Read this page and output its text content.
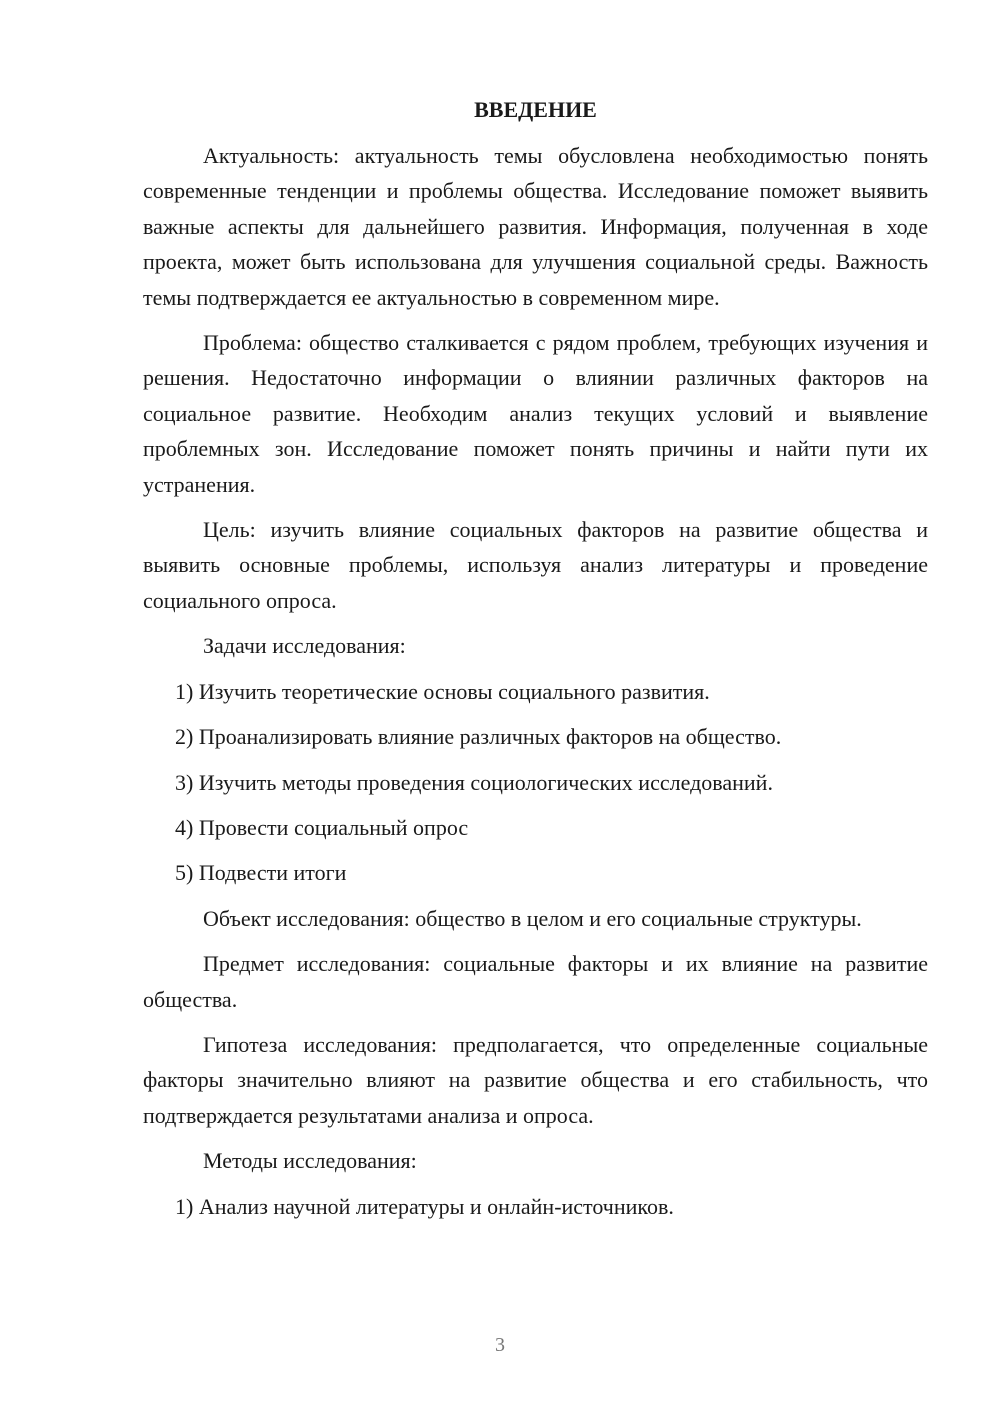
ВВЕДЕНИЕ

Актуальность: актуальность темы обусловлена необходимостью понять современные тенденции и проблемы общества. Исследование поможет выявить важные аспекты для дальнейшего развития. Информация, полученная в ходе проекта, может быть использована для улучшения социальной среды. Важность темы подтверждается ее актуальностью в современном мире.

Проблема: общество сталкивается с рядом проблем, требующих изучения и решения. Недостаточно информации о влиянии различных факторов на социальное развитие. Необходим анализ текущих условий и выявление проблемных зон. Исследование поможет понять причины и найти пути их устранения.

Цель: изучить влияние социальных факторов на развитие общества и выявить основные проблемы, используя анализ литературы и проведение социального опроса.

Задачи исследования:

1) Изучить теоретические основы социального развития.

2) Проанализировать влияние различных факторов на общество.

3) Изучить методы проведения социологических исследований.

4) Провести социальный опрос

5) Подвести итоги

Объект исследования: общество в целом и его социальные структуры.

Предмет исследования: социальные факторы и их влияние на развитие общества.

Гипотеза исследования: предполагается, что определенные социальные факторы значительно влияют на развитие общества и его стабильность, что подтверждается результатами анализа и опроса.

Методы исследования:

1) Анализ научной литературы и онлайн-источников.

3
